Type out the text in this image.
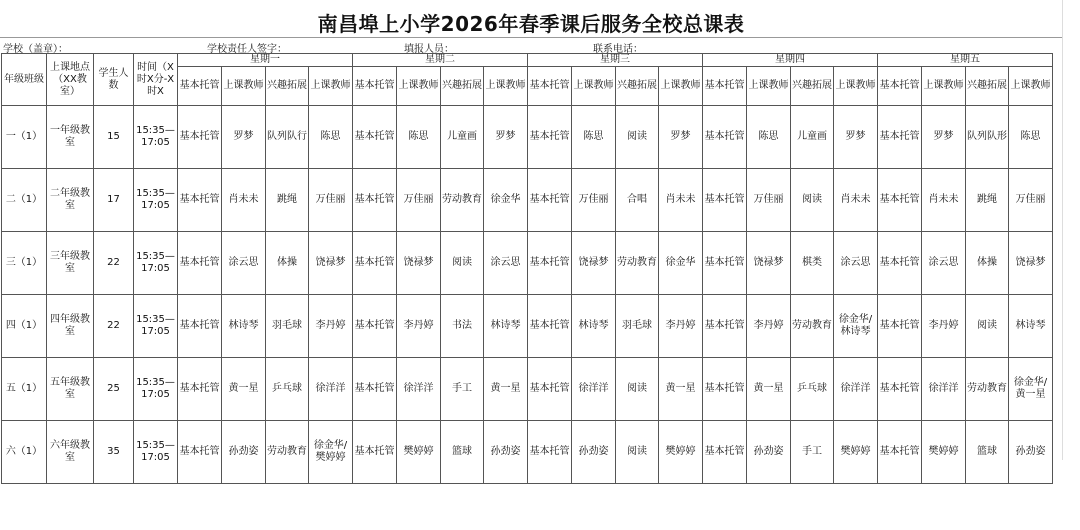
南昌埠上小学2026年春季课后服务全校总课表
学校（盖章）：	学校责任人签字：	填报人员：	联系电话：
年级班级	上课地点（XX教室）	学生人数	时间（X时X分-X时X	星期一				星期二				星期三				星期四				星期五			
				基本托管	上课教师	兴趣拓展	上课教师	基本托管	上课教师	兴趣拓展	上课教师	基本托管	上课教师	兴趣拓展	上课教师	基本托管	上课教师	兴趣拓展	上课教师	基本托管	上课教师	兴趣拓展	上课教师
一（1）	一年级教室	15	15:35—17:05	基本托管	罗梦	队列队行	陈思	基本托管	陈思	儿童画	罗梦	基本托管	陈思	阅读	罗梦	基本托管	陈思	儿童画	罗梦	基本托管	罗梦	队列队形	陈思
二（1）	二年级教室	17	15:35—17:05	基本托管	肖未未	跳绳	万佳丽	基本托管	万佳丽	劳动教育	徐金华	基本托管	万佳丽	合唱	肖未未	基本托管	万佳丽	阅读	肖未未	基本托管	肖未未	跳绳	万佳丽
三（1）	三年级教室	22	15:35—17:05	基本托管	涂云思	体操	饶禄梦	基本托管	饶禄梦	阅读	涂云思	基本托管	饶禄梦	劳动教育	徐金华	基本托管	饶禄梦	棋类	涂云思	基本托管	涂云思	体操	饶禄梦
四（1）	四年级教室	22	15:35—17:05	基本托管	林诗琴	羽毛球	李丹婷	基本托管	李丹婷	书法	林诗琴	基本托管	林诗琴	羽毛球	李丹婷	基本托管	李丹婷	劳动教育	徐金华/林诗琴	基本托管	李丹婷	阅读	林诗琴
五（1）	五年级教室	25	15:35—17:05	基本托管	黄一星	乒乓球	徐洋洋	基本托管	徐洋洋	手工	黄一星	基本托管	徐洋洋	阅读	黄一星	基本托管	黄一星	乒乓球	徐洋洋	基本托管	徐洋洋	劳动教育	徐金华/黄一星
六（1）	六年级教室	35	15:35—17:05	基本托管	孙劲姿	劳动教育	徐金华/樊婷婷	基本托管	樊婷婷	篮球	孙劲姿	基本托管	孙劲姿	阅读	樊婷婷	基本托管	孙劲姿	手工	樊婷婷	基本托管	樊婷婷	篮球	孙劲姿
